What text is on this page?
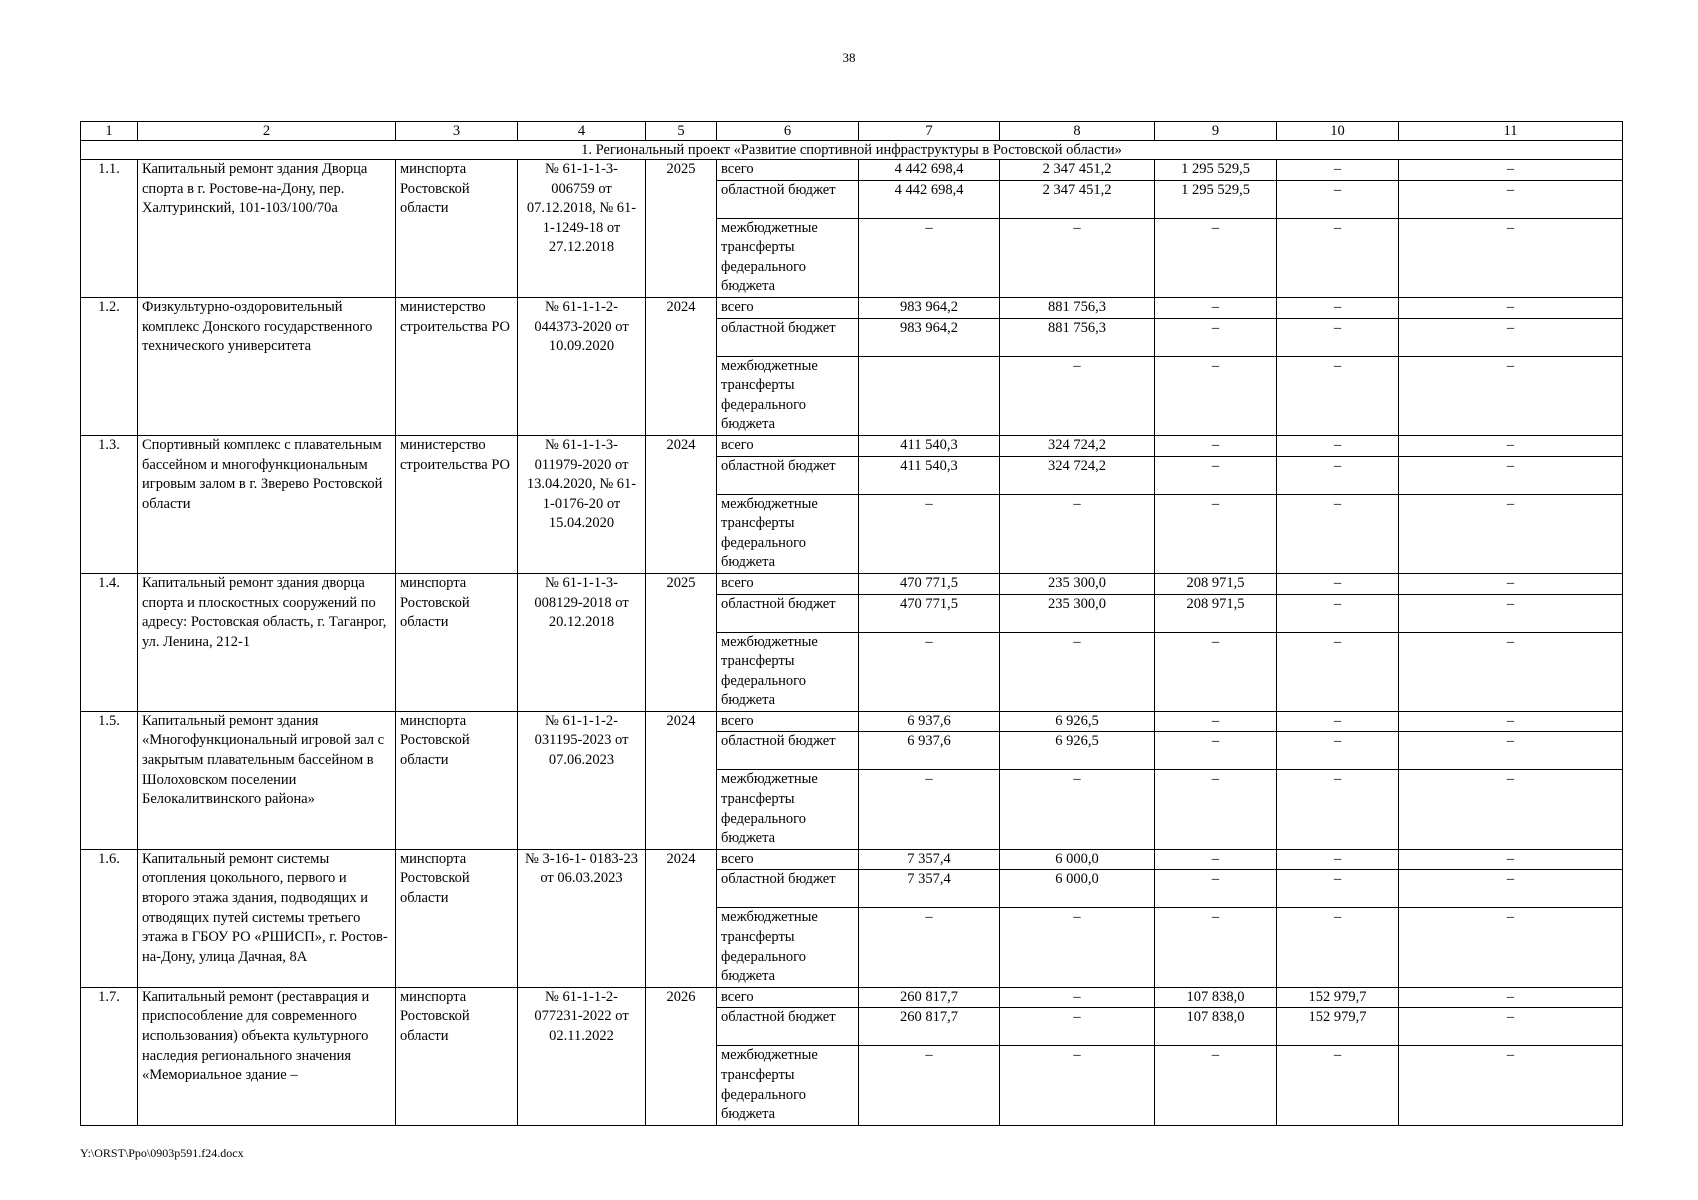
38
1	2	3	4	5	6	7	8	9	10	11
1. Региональный проект «Развитие спортивной инфраструктуры в Ростовской области»										
1.1.	Капитальный ремонт здания Дворца спорта в г. Ростове-на-Дону, пер. Халтуринский, 101-103/100/70а	минспорта Ростовской области	№ 61-1-1-3- 006759 от 07.12.2018, № 61-1-1249-18 от 27.12.2018	2025	всего	4 442 698,4	2 347 451,2	1 295 529,5	–	–
					областной бюджет	4 442 698,4	2 347 451,2	1 295 529,5	–	–
					межбюджетные трансферты федерального бюджета	–	–	–	–	–
1.2.	Физкультурно-оздоровительный комплекс Донского государственного технического университета	министерство строительства РО	№ 61-1-1-2- 044373-2020 от 10.09.2020	2024	всего	983 964,2	881 756,3	–	–	–
					областной бюджет	983 964,2	881 756,3	–	–	–
					межбюджетные трансферты федерального бюджета		–	–	–	–
1.3.	Спортивный комплекс с плавательным бассейном и многофункциональным игровым залом в г. Зверево Ростовской области	министерство строительства РО	№ 61-1-1-3- 011979-2020 от 13.04.2020, № 61-1-0176-20 от 15.04.2020	2024	всего	411 540,3	324 724,2	–	–	–
					областной бюджет	411 540,3	324 724,2	–	–	–
					межбюджетные трансферты федерального бюджета	–	–	–	–	–
1.4.	Капитальный ремонт здания дворца спорта и плоскостных сооружений по адресу: Ростовская область, г. Таганрог, ул. Ленина, 212-1	минспорта Ростовской области	№ 61-1-1-3- 008129-2018 от 20.12.2018	2025	всего	470 771,5	235 300,0	208 971,5	–	–
					областной бюджет	470 771,5	235 300,0	208 971,5	–	–
					межбюджетные трансферты федерального бюджета	–	–	–	–	–
1.5.	Капитальный ремонт здания «Многофункциональный игровой зал с закрытым плавательным бассейном в Шолоховском поселении Белокалитвинского района»	минспорта Ростовской области	№ 61-1-1-2- 031195-2023 от 07.06.2023	2024	всего	6 937,6	6 926,5	–	–	–
					областной бюджет	6 937,6	6 926,5	–	–	–
					межбюджетные трансферты федерального бюджета	–	–	–	–	–
1.6.	Капитальный ремонт системы отопления цокольного, первого и второго этажа здания, подводящих и отводящих путей системы третьего этажа в ГБОУ РО «РШИСП», г. Ростов-на-Дону, улица Дачная, 8А	минспорта Ростовской области	№ 3-16-1- 0183-23 от 06.03.2023	2024	всего	7 357,4	6 000,0	–	–	–
					областной бюджет	7 357,4	6 000,0	–	–	–
					межбюджетные трансферты федерального бюджета	–	–	–	–	–
1.7.	Капитальный ремонт (реставрация и приспособление для современного использования) объекта культурного наследия регионального значения «Мемориальное здание –	минспорта Ростовской области	№ 61-1-1-2- 077231-2022 от 02.11.2022	2026	всего	260 817,7	–	107 838,0	152 979,7	–
					областной бюджет	260 817,7	–	107 838,0	152 979,7	–
					межбюджетные трансферты федерального бюджета	–	–	–	–	–
Y:\ORST\Ppo\0903p591.f24.docx
